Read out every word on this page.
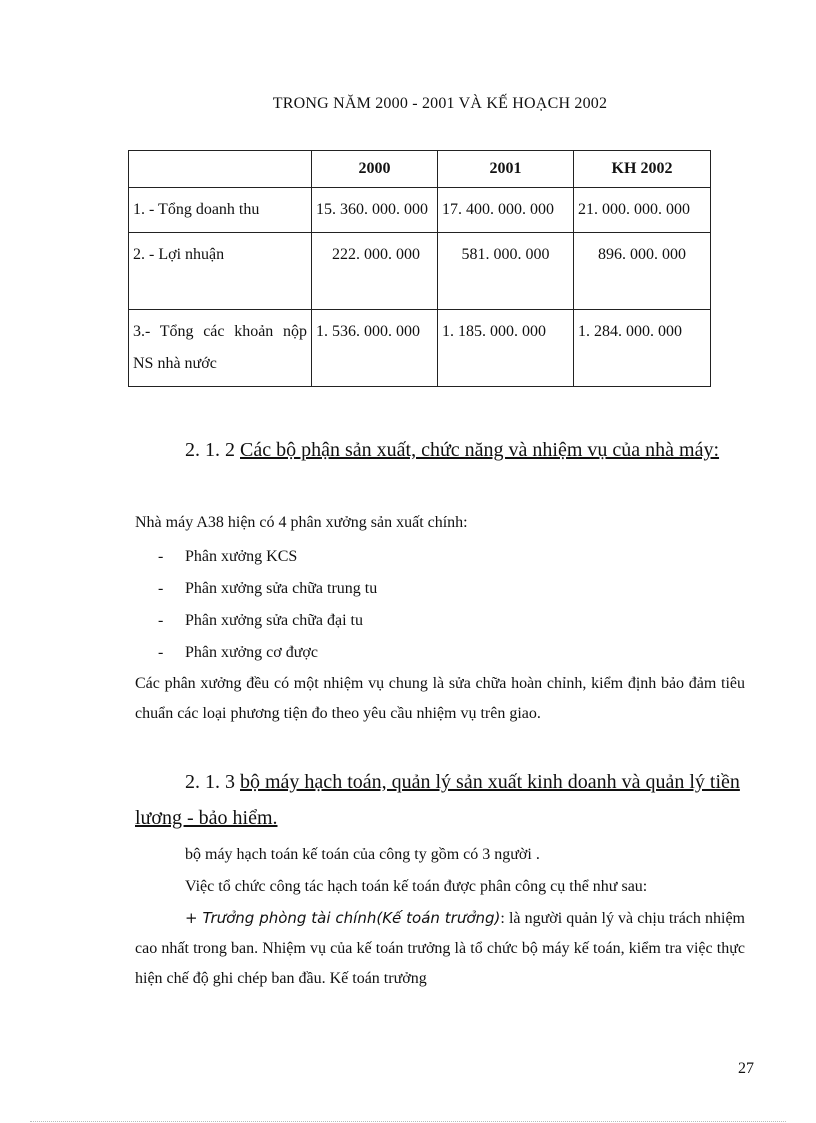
TRONG NĂM 2000 - 2001 VÀ KẾ HOẠCH 2002
	2000	2001	KH 2002
1. - Tổng doanh thu	15. 360. 000. 000	17. 400. 000. 000	21. 000. 000. 000
2. - Lợi nhuận	222. 000. 000	581. 000. 000	896. 000. 000
3.- Tổng các khoản nộp NS nhà nước	1. 536. 000. 000	1. 185. 000. 000	1. 284. 000. 000
2. 1. 2 Các bộ phận sản xuất, chức năng và nhiệm vụ của nhà máy:
Nhà máy A38 hiện có 4 phân xưởng sản xuất chính:
-	Phân xưởng KCS
-	Phân xưởng sửa chữa trung tu
-	Phân xưởng sửa chữa đại tu
-	Phân xưởng cơ được
Các phân xưởng đều có một nhiệm vụ chung là sửa chữa hoàn chỉnh, kiểm định bảo đảm tiêu chuẩn các loại phương tiện đo theo yêu cầu nhiệm vụ trên giao.
2. 1. 3 bộ máy hạch toán, quản lý sản xuất kinh doanh và quản lý tiền lương - bảo hiểm.
bộ máy hạch toán kế toán của công ty gồm có 3 người .
Việc tổ chức công tác hạch toán kế toán được phân công cụ thể như sau:
+ Trưởng phòng tài chính(Kế toán trưởng): là người quản lý và chịu trách nhiệm cao nhất trong ban. Nhiệm vụ của kế toán trưởng là tổ chức bộ máy kế toán, kiểm tra việc thực hiện chế độ ghi chép ban đầu. Kế toán trưởng
27
